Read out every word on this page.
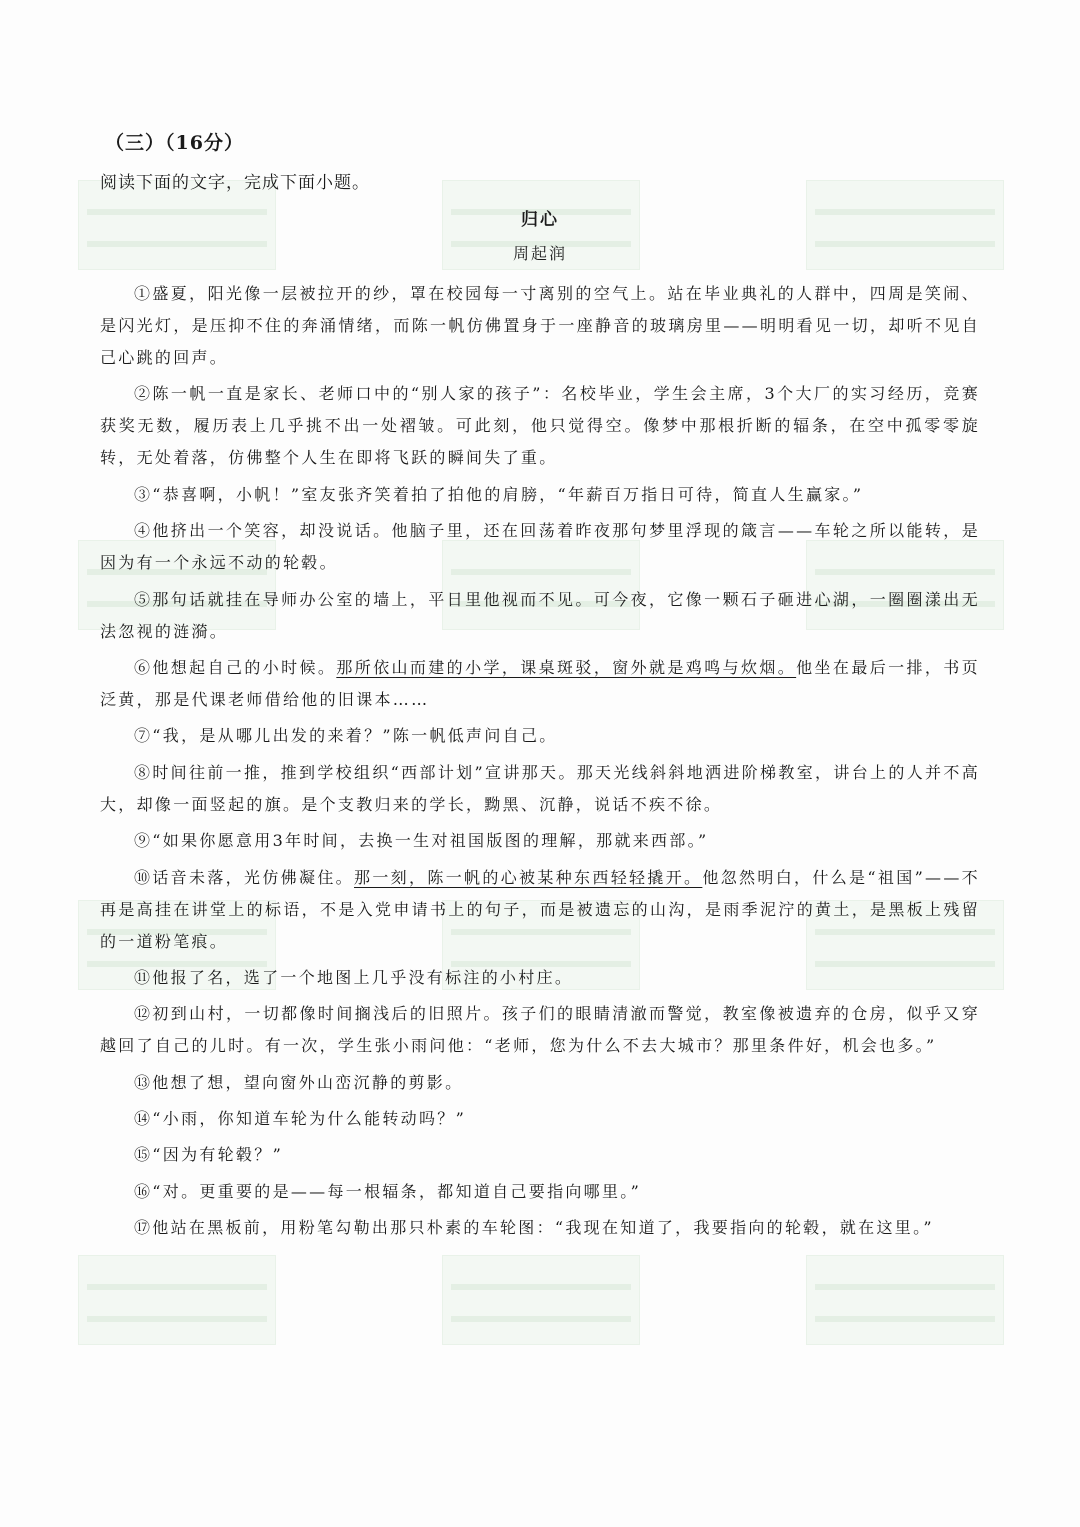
（三）（16分）
阅读下面的文字，完成下面小题。
归心
周起润
①盛夏，阳光像一层被拉开的纱，罩在校园每一寸离别的空气上。站在毕业典礼的人群中，四周是笑闹、是闪光灯，是压抑不住的奔涌情绪，而陈一帆仿佛置身于一座静音的玻璃房里——明明看见一切，却听不见自己心跳的回声。
②陈一帆一直是家长、老师口中的“别人家的孩子”：名校毕业，学生会主席，3个大厂的实习经历，竞赛获奖无数，履历表上几乎挑不出一处褶皱。可此刻，他只觉得空。像梦中那根折断的辐条，在空中孤零零旋转，无处着落，仿佛整个人生在即将飞跃的瞬间失了重。
③“恭喜啊，小帆！”室友张齐笑着拍了拍他的肩膀，“年薪百万指日可待，简直人生赢家。”
④他挤出一个笑容，却没说话。他脑子里，还在回荡着昨夜那句梦里浮现的箴言——车轮之所以能转，是因为有一个永远不动的轮毂。
⑤那句话就挂在导师办公室的墙上，平日里他视而不见。可今夜，它像一颗石子砸进心湖，一圈圈漾出无法忽视的涟漪。
⑥他想起自己的小时候。那所依山而建的小学，课桌斑驳，窗外就是鸡鸣与炊烟。他坐在最后一排，书页泛黄，那是代课老师借给他的旧课本……
⑦“我，是从哪儿出发的来着？”陈一帆低声问自己。
⑧时间往前一推，推到学校组织“西部计划”宣讲那天。那天光线斜斜地洒进阶梯教室，讲台上的人并不高大，却像一面竖起的旗。是个支教归来的学长，黝黑、沉静，说话不疾不徐。
⑨“如果你愿意用3年时间，去换一生对祖国版图的理解，那就来西部。”
⑩话音未落，光仿佛凝住。那一刻，陈一帆的心被某种东西轻轻撬开。他忽然明白，什么是“祖国”——不再是高挂在讲堂上的标语，不是入党申请书上的句子，而是被遗忘的山沟，是雨季泥泞的黄土，是黑板上残留的一道粉笔痕。
⑪他报了名，选了一个地图上几乎没有标注的小村庄。
⑫初到山村，一切都像时间搁浅后的旧照片。孩子们的眼睛清澈而警觉，教室像被遗弃的仓房，似乎又穿越回了自己的儿时。有一次，学生张小雨问他：“老师，您为什么不去大城市？那里条件好，机会也多。”
⑬他想了想，望向窗外山峦沉静的剪影。
⑭“小雨，你知道车轮为什么能转动吗？”
⑮“因为有轮毂？”
⑯“对。更重要的是——每一根辐条，都知道自己要指向哪里。”
⑰他站在黑板前，用粉笔勾勒出那只朴素的车轮图：“我现在知道了，我要指向的轮毂，就在这里。”
